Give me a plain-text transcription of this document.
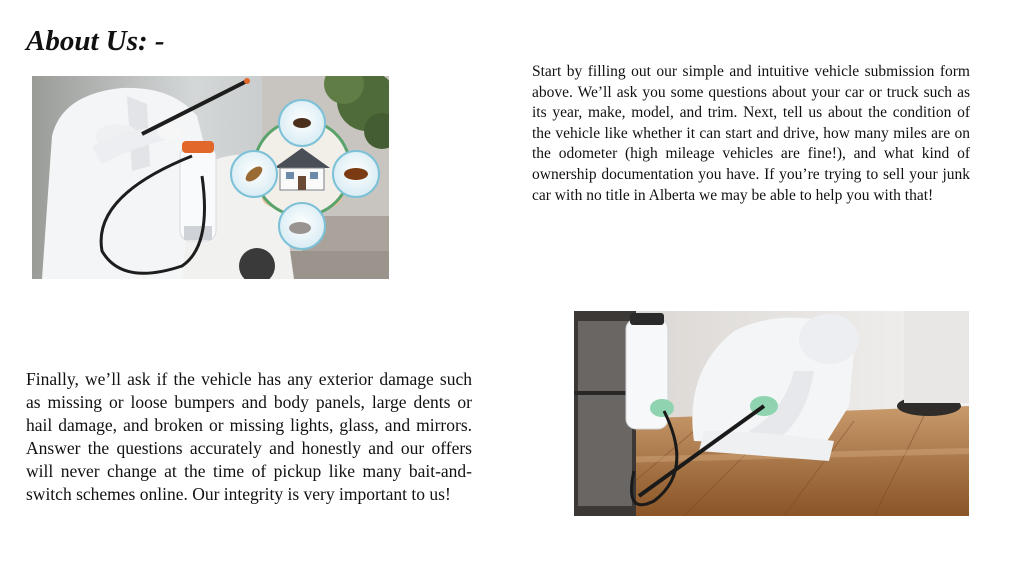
About Us: -

Start by filling out our simple and intuitive vehicle submission form above. We’ll ask you some questions about your car or truck such as its year, make, model, and trim. Next, tell us about the condition of the vehicle like whether it can start and drive, how many miles are on the odometer (high mileage vehicles are fine!), and what kind of ownership documentation you have. If you’re trying to sell your junk car with no title in Alberta we may be able to help you with that!

Finally, we’ll ask if the vehicle has any exterior damage such as missing or loose bumpers and body panels, large dents or hail damage, and broken or missing lights, glass, and mirrors. Answer the questions accurately and honestly and our offers will never change at the time of pickup like many bait-and-switch schemes online. Our integrity is very important to us!
